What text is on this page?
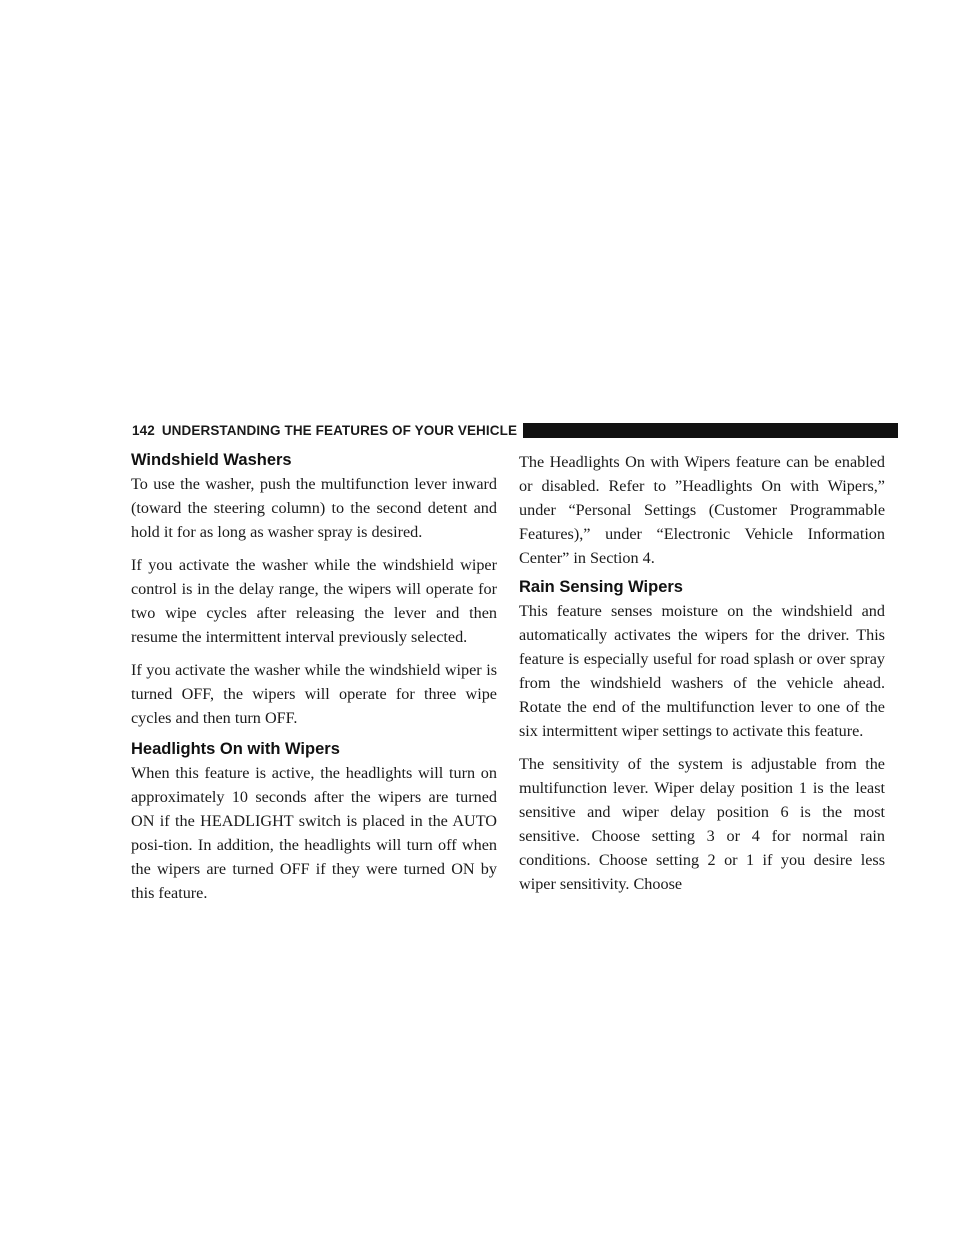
142 UNDERSTANDING THE FEATURES OF YOUR VEHICLE
Windshield Washers

To use the washer, push the multifunction lever inward (toward the steering column) to the second detent and hold it for as long as washer spray is desired.

If you activate the washer while the windshield wiper control is in the delay range, the wipers will operate for two wipe cycles after releasing the lever and then resume the intermittent interval previously selected.

If you activate the washer while the windshield wiper is turned OFF, the wipers will operate for three wipe cycles and then turn OFF.

Headlights On with Wipers

When this feature is active, the headlights will turn on approximately 10 seconds after the wipers are turned ON if the HEADLIGHT switch is placed in the AUTO posi-tion. In addition, the headlights will turn off when the wipers are turned OFF if they were turned ON by this feature.

The Headlights On with Wipers feature can be enabled or disabled. Refer to ”Headlights On with Wipers,” under “Personal Settings (Customer Programmable Features),” under “Electronic Vehicle Information Center” in Section 4.

Rain Sensing Wipers

This feature senses moisture on the windshield and automatically activates the wipers for the driver. This feature is especially useful for road splash or over spray from the windshield washers of the vehicle ahead. Rotate the end of the multifunction lever to one of the six intermittent wiper settings to activate this feature.

The sensitivity of the system is adjustable from the multifunction lever. Wiper delay position 1 is the least sensitive and wiper delay position 6 is the most sensitive. Choose setting 3 or 4 for normal rain conditions. Choose setting 2 or 1 if you desire less wiper sensitivity. Choose
